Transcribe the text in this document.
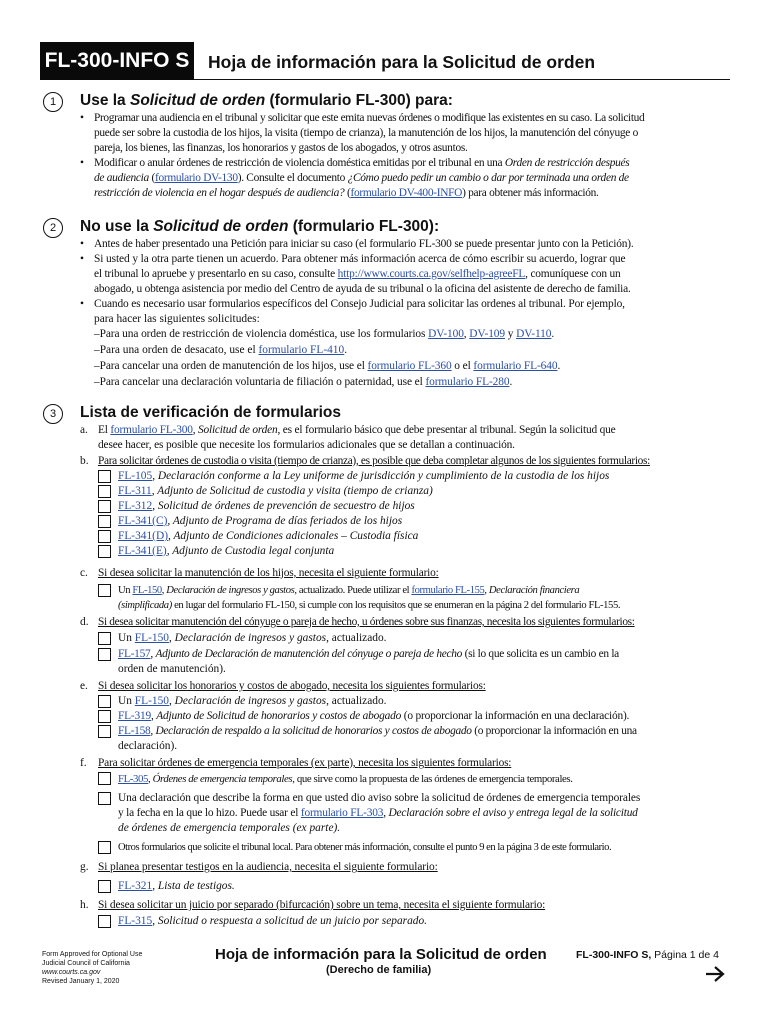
FL-300-INFO S Hoja de información para la Solicitud de orden
1	Use la Solicitud de orden (formulario FL-300) para:
• Programar una audiencia en el tribunal y solicitar que este emita nuevas órdenes o modifique las existentes en su caso. La solicitud
puede ser sobre la custodia de los hijos, la visita (tiempo de crianza), la manutención de los hijos, la manutención del cónyuge o
pareja, los bienes, las finanzas, los honorarios y gastos de los abogados, y otros asuntos.
• Modificar o anular órdenes de restricción de violencia doméstica emitidas por el tribunal en una Orden de restricción después
de audiencia (formulario DV-130). Consulte el documento ¿Cómo puedo pedir un cambio o dar por terminada una orden de
restricción de violencia en el hogar después de audiencia? (formulario DV-400-INFO) para obtener más información.
2	No use la Solicitud de orden (formulario FL-300):
• Antes de haber presentado una Petición para iniciar su caso (el formulario FL-300 se puede presentar junto con la Petición).
• Si usted y la otra parte tienen un acuerdo. Para obtener más información acerca de cómo escribir su acuerdo, lograr que
el tribunal lo apruebe y presentarlo en su caso, consulte http://www.courts.ca.gov/selfhelp-agreeFL, comuníquese con un
abogado, u obtenga asistencia por medio del Centro de ayuda de su tribunal o la oficina del asistente de derecho de familia.
• Cuando es necesario usar formularios específicos del Consejo Judicial para solicitar las ordenes al tribunal. Por ejemplo,
para hacer las siguientes solicitudes:
–Para una orden de restricción de violencia doméstica, use los formularios DV-100, DV-109 y DV-110.
–Para una orden de desacato, use el formulario FL-410.
–Para cancelar una orden de manutención de los hijos, use el formulario FL-360 o el formulario FL-640.
–Para cancelar una declaración voluntaria de filiación o paternidad, use el formulario FL-280.
3	Lista de verificación de formularios
a. El formulario FL-300, Solicitud de orden, es el formulario básico que debe presentar al tribunal. Según la solicitud que
desee hacer, es posible que necesite los formularios adicionales que se detallan a continuación.
b. Para solicitar órdenes de custodia o visita (tiempo de crianza), es posible que deba completar algunos de los siguientes formularios:
FL-105, Declaración conforme a la Ley uniforme de jurisdicción y cumplimiento de la custodia de los hijos
FL-311, Adjunto de Solicitud de custodia y visita (tiempo de crianza)
FL-312, Solicitud de órdenes de prevención de secuestro de hijos
FL-341(C), Adjunto de Programa de días feriados de los hijos
FL-341(D), Adjunto de Condiciones adicionales – Custodia física
FL-341(E), Adjunto de Custodia legal conjunta
c. Si desea solicitar la manutención de los hijos, necesita el siguiente formulario:
Un FL-150, Declaración de ingresos y gastos, actualizado. Puede utilizar el formulario FL-155, Declaración financiera
(simplificada) en lugar del formulario FL-150, si cumple con los requisitos que se enumeran en la página 2 del formulario FL-155.
d. Si desea solicitar manutención del cónyuge o pareja de hecho, u órdenes sobre sus finanzas, necesita los siguientes formularios:
Un FL-150, Declaración de ingresos y gastos, actualizado.
FL-157, Adjunto de Declaración de manutención del cónyuge o pareja de hecho (si lo que solicita es un cambio en la
orden de manutención).
e. Si desea solicitar los honorarios y costos de abogado, necesita los siguientes formularios:
Un FL-150, Declaración de ingresos y gastos, actualizado.
FL-319, Adjunto de Solicitud de honorarios y costos de abogado (o proporcionar la información en una declaración).
FL-158, Declaración de respaldo a la solicitud de honorarios y costos de abogado (o proporcionar la información en una
declaración).
f. Para solicitar órdenes de emergencia temporales (ex parte), necesita los siguientes formularios:
FL-305, Órdenes de emergencia temporales, que sirve como la propuesta de las órdenes de emergencia temporales.
Una declaración que describe la forma en que usted dio aviso sobre la solicitud de órdenes de emergencia temporales
y la fecha en la que lo hizo. Puede usar el formulario FL-303, Declaración sobre el aviso y entrega legal de la solicitud
de órdenes de emergencia temporales (ex parte).
Otros formularios que solicite el tribunal local. Para obtener más información, consulte el punto 9 en la página 3 de este formulario.
g. Si planea presentar testigos en la audiencia, necesita el siguiente formulario:
FL-321, Lista de testigos.
h. Si desea solicitar un juicio por separado (bifurcación) sobre un tema, necesita el siguiente formulario:
FL-315, Solicitud o respuesta a solicitud de un juicio por separado.
Form Approved for Optional Use
Judicial Council of California
www.courts.ca.gov
Revised January 1, 2020
Hoja de información para la Solicitud de orden
(Derecho de familia)
FL-300-INFO S, Página 1 de 4
